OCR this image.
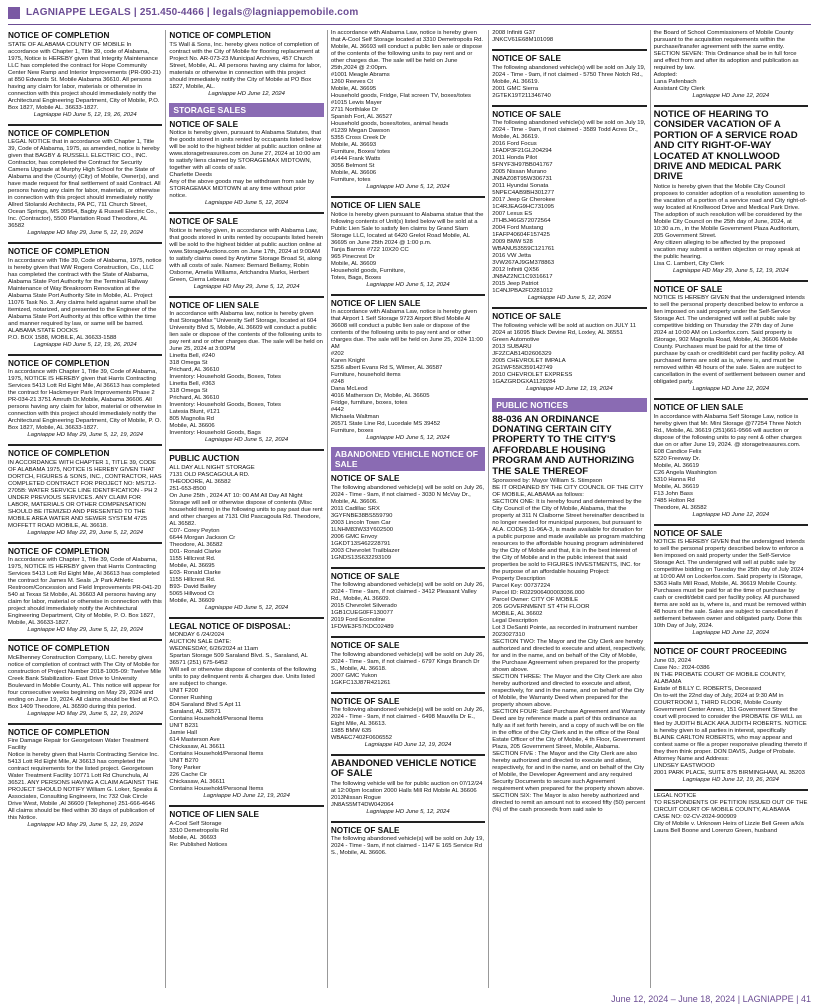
LAGNIAPPE LEGALS | 251.450-4466 | legals@lagniappemobile.com
NOTICE OF COMPLETION
STATE OF ALABAMA COUNTY OF MOBILE In accordance with Chapter 1, Title 39, code of Alabama, 1975, Notice is HEREBY given that Integrity Maintenance LLC has completed the contract for Hope Community Center New Ramp and Interior Improvements (PR-090-21) at 850 Edwards St. Mobile Alabama 36610. All persons having any claim for labor, materials or otherwise in connection with this project should immediately notify the Architectural Engineering Department, City of Mobile, P.O. Box 1827, Mobile AL. 36633-1827.
Lagniappe HD June 5, 12, 19, 26, 2024
NOTICE OF COMPLETION
LEGAL NOTICE that in accordance with Chapter 1, Title 39, Code of Alabama, 1975, as amended, notice is hereby given that BAGBY & RUSSELL ELECTRIC CO., INC. Contractor, has completed the Contract for Security Camera Upgrade at Murphy High School for the State of Alabama and the (County) (City) of Mobile, Owner(s), and have made request for final settlement of said Contract. All persons having any claim for labor, materials, or otherwise in connection with this project should immediately notify Allred Stolarski Architects, PA PC, 711 Church Street, Ocean Springs, MS 39564, Bagby & Russell Electric Co., Inc. (Contractor), 5500 Plantation Road Theodore, AL 36582
Lagniappe HD May 29, June 5, 12, 19, 2024
NOTICE OF COMPLETION
In accordance with Title 39, Code of Alabama, 1975, notice is hereby given that WW Rogers Construction, Co., LLC has completed the contract with the State of Alabama, Alabama State Port Authority for the Terminal Railway Maintenance of Way Breakroom Renovation at the Alabama State Port Authority Site in Mobile, AL. Project 11076 Task No. 3. Any claims held against same shall be itemized, notarized, and presented to the Engineer of the Alabama State Port Authority at this office within the time and manner required by law, or same will be barred.
ALABAMA STATE DOCKS
P.O. BOX 1588, MOBILE, AL 36633-1588
Lagniappe HD June 5, 12, 19, 26, 2024
NOTICE OF COMPLETION
In accordance with Chapter 1, Title 39, Code of Alabama, 1975, NOTICE IS HEREBY given that Harris Contracting Services 5413 Lott Rd Eight Mile, Al 36613 has completed the contract for Hackmeyer Park Improvements Phase 2 PR-034-21 3751 Amruth Dr.Mobile, Alabama 36606. All persons having any claim for labor, material or otherwise in connection with this project should immediately notify the Architectural Engineering Department, City of Mobile, P. O. Box 1827, Mobile, AL 36633-1827.
Lagniappe HD May 29, June 5, 12, 19, 2024
NOTICE OF COMPLETION
IN ACCORDANCE WITH CHAPTER 1, TITLE 39, CODE OF ALABAMA 1975, NOTICE IS HEREBY GIVEN THAT DORTCH, FIGURES & SONS, INC., CONTRACTOR, HAS COMPLETED CONTRACT FOR PROJECT NO: MS712-2705B: WATER SERVICE LINE IDENTIFICATION - PH 2 UNDER PREVIOUS SERVICES. ANY CLAIM FOR LABOR, MATERIALS OR OTHER COMPENSATION SHOULD BE ITEMIZED AND PRESENTED TO THE MOBILE AREA WATER AND SEWER SYSTEM 4725 MOFFETT ROAD MOBILE, AL 36618.
Lagniappe HD May 22, 29, June 5, 12, 2024
NOTICE OF COMPLETION
In accordance with Chapter 1, Title 39, Code of Alabama, 1975, NOTICE IS HEREBY given that Harris Contracting Services 5413 Lott Rd Eight Mile, Al 36613 has completed the contract for James M. Seals ,Jr Park Athletic Restroom/Concession and Field Improvements PR-041-20 540 at Texas St Mobile, AL 36603 All persons having any claim for labor, material or otherwise in connection with this project should immediately notify the Architectural Engineering Department, City of Mobile, P. O. Box 1827, Mobile, AL 36633-1827.
Lagniappe HD May 29, June 5, 12, 19, 2024
NOTICE OF COMPLETION
McElhenney Construction Company, LLC. hereby gives notice of completion of contract with The City of Mobile for construction of Project Number 2018-1005-09: Twelve Mile Creek Bank Stabilization- East Drive to University Boulevard in Mobile County, AL. This notice will appear for four consecutive weeks beginning on May 29, 2024 and ending on June 19, 2024. All claims should be filed at P.O. Box 1409 Theodore, AL 36590 during this period.
Lagniappe HD May 29, June 5, 12, 19, 2024
NOTICE OF COMPLETION
Fire Damage Repair for Georgetown Water Treatment Facility
Notice is hereby given that Harris Contracting Service Inc. 5413 Lott Rd Eight Mile, Al 36613 has completed the contract requirements for the listed project. Georgetown Water Treatment Facility 10771 Lott Rd Chunchula, Al 36521. ANY PERSONS HAVING A CLAIM AGAINST THE PROJECT SHOULD NOTIFY William G. Loker, Speaks & Associates, Consulting Engineers, Inc 732 Oak Circle Drive West, Mobile ,Al 36609 (Telephone) 251-666-4646 All claims should be filed within 30 days of publication of this Notice.
Lagniappe HD May 29, June 5, 12, 19, 2024
NOTICE OF COMPLETION
TS Wall & Sons, Inc. hereby gives notice of completion of contract with the City of Mobile for flooring replacement at Project No. AR-073-23 Municipal Archives, 457 Church Street, Mobile, AL. All persons having any claims for labor, materials or otherwise in connection with this project should immediately notify the City of Mobile at PO Box 1827, Mobile, AL.
Lagniappe HD June 12, 2024
STORAGE SALES
NOTICE OF SALE
Notice is hereby given, pursuant to Alabama Statutes, that the goods stored in units rented by occupants listed below will be sold to the highest bidder at public auction online at www.storagetreasures.com on June 27, 2024 at 10:00 am to satisfy liens claimed by STORAGEMAX MIDTOWN, together with all costs of sale.
Charlette Deeds
Any of the above goods may be withdrawn from sale by STORAGEMAX MIDTOWN at any time without prior notice.
Lagniappe HD June 5, 12, 2024
NOTICE OF SALE
Notice is hereby given, in accordance with Alabama Law, that goods stored in units rented by occupants listed herein will be sold to the highest bidder at public auction online at www.StorageAuctions.com on June 17th, 2024 at 9:00AM to satisfy claims owed by Anytime Storage Broad St, along with all costs of sale. Names: Bernard Bellamy, Robin Osborne, Amelia Williams, Artchandra Marks, Herbert Green, Cierra Lebeaux
Lagniappe HD May 29, June 5, 12, 2024
NOTICE OF LIEN SALE
In accordance with Alabama law, notice is hereby given that StorageMax "University Self Storage, located at 604 University Blvd S, Mobile, AL 36609 will conduct a public lien sale or dispose of the contents of the following units to pay rent and or other charges due. The sale will be held on June 25, 2024 at 3:00PM
Linetta Bell, #240
318 Omega St
Prichard, AL 36610
Inventory: Household Goods, Boxes, Totes
Linetta Bell, #363
318 Omega St
Prichard, AL 36610
Inventory: Household Goods, Boxes, Totes
Latesia Blunt, #121
805 Magnolia Rd
Mobile, AL 36606
Inventory: Household Goods, Bags
Lagniappe HD June 5, 12, 2024
PUBLIC AUCTION
ALL DAY ALL NIGHT STORAGE
7131 OLD PASCAGOULA RD.
THEODORE, AL 36582
251-653-8500
On June 25th , 2024 AT 10: 00 AM All Day All Night Storage will sell or otherwise dispose of contents (Misc household items) in the following units to pay past due rent and other charges at 7131 Old Pascagoula Rd. Theodore, AL 36582.
C07- Corey Peyton
6644 Morgan Jackson Cr
Theodore, AL 36582
D01- Ronald Clarke
1155 Hillcrest Rd.
Mobile, AL 36695
E03- Ronald Clarke
1155 Hillcrest Rd.
B93- David Bailey
5065 Hillwood Ct
Mobile, AL 36609
Lagniappe HD June 5, 12, 2024
LEGAL NOTICE OF DISPOSAL:
MONDAY 6 /24/2024
AUCTION SALE DATE:
WEDNESDAY, 6/26/2024 at 11am
Spartan Storage 509 Saraland Blvd. S., Saraland, AL 36571 (251) 675-6452
Will sell or otherwise dispose of contents of the following units to pay delinquent rents & charges due. Units listed are subject to change.
UNIT F200
Conner Rushing
804 Saraland Blvd S Apt 11
Saraland, AL 36571
Contains Household/Personal Items
UNIT B231
Jamie Hall
614 Masterson Ave
Chickasaw, AL 36611
Contains Household/Personal Items
UNIT B270
Tony Parker
226 Cache Cir
Chickasaw, AL 36611
Contains Household/Personal Items
Lagniappe HD June 12, 19, 2024
NOTICE OF LIEN SALE
A-Cool Self Storage
3310 Demetropolis Rd
Mobile, AL  36693
Re: Published Notices
In accordance with Alabama Law, notice is hereby given that A-Cool Self Storage located at 3310 Demetropolis Rd. Mobile, AL 36693 will conduct a public lien sale or dispose of the contents of the following units to pay rent and or other charges due. The sale will be held on June 25th,2024 @ 2:00pm.
#1001 Meagle Abrams
1260 Reeves Ct
Mobile, AL 36695
Household goods, Fridge, Flat screen TV, boxes/totes
#1015 Lewis Mayer
2711 Northlake Dr
Spanish Fort, AL 36527
Household goods, boxes/totes, animal heads
#1239 Megan Dawson
5355 Cross Creek Dr
Mobile, AL 36693
Furniture, Boxes/ totes
#1444 Frank Watts
3056 Belmont St
Mobile, AL 36606
Furniture, totes
Lagniappe HD June 5, 12, 2024
NOTICE OF LIEN SALE
Notice is hereby given pursuant to Alabama statue that the following contents of Unit(s) listed below will be sold at a Public Lien Sale to satisfy lien claims by Grand Slam Storage LLC, located at 6420 Grelot Road Mobile, AL 36695 on June 25th 2024 @ 1:00 p.m.
Tanja Barrois #722 10X20 CC
965 Pinecrest Dr
Mobile, AL 36609
Household goods, Furniture,
Totes, Bags, Boxes
Lagniappe HD June 5, 12, 2024
NOTICE OF LIEN SALE
In accordance with Alabama Law, notice is hereby given that Airport 1 Self Storage 9723 Airport Blvd Mobile Al 36608 will conduct a public lien sale or dispose of the contents of the following units to pay rent and or other charges due. The sale will be held on June 25, 2024 11:00 AM
#202
Karen Knight
5256 albert Evans Rd S, Wilmer, AL 36587
Furniture, household items
#248
Dana McLeod
4016 Matherson Dr, Mobile, AL 36605
Fridge, furniture, boxes, totes
#442
Michaela Waltman
26571 State Line Rd, Lucedale MS 39452
Furniture, boxes
Lagniappe HD June 5, 12, 2024
ABANDONED VEHICLE NOTICE OF SALE
NOTICE OF SALE
The following abandoned vehicle(s) will be sold on July 26, 2024 - Time - 9am, if not claimed - 3030 N McVay Dr., Mobile, AL 36606.
2011 Cadillac SRX
3GYFNBE38BS559790
2003 Lincoln Town Car
1LNHM83W33Y602500
2006 GMC Envoy
1GKDT13S462228791
2003 Chevrolet Trailblazer
1GNDS13S632293109
NOTICE OF SALE
The following abandoned vehicle(s) will be sold on July 26, 2024 - Time - 9am, if not claimed - 3412 Pleasant Valley Rd., Mobile, AL 36609.
2015 Chevrolet Silverado
1GB1CUEG0FF130077
2019 Ford Econoline
1FDWE3F57KDC02489
NOTICE OF SALE
The following abandoned vehicle(s) will be sold on July 26, 2024 - Time - 9am, if not claimed - 6797 Kings Branch Dr S., Mobile, AL 36618.
2007 GMC Yukon
1GKFC13J87R421261
NOTICE OF SALE
The following abandoned vehicle(s) will be sold on July 26, 2024 - Time - 9am, if not claimed - 6498 Mauvilla Dr E., Eight Mile, AL 36613.
1985 BMW 635
WBAEC7402F0606552
Lagniappe HD June 12, 19, 2024
ABANDONED VEHICLE NOTICE OF SALE
The following vehicle will be for public auction on 07/12/24 at 12:00pm location 2000 Halls Mill Rd Mobile AL 36606
2013Nissan Rogue
JN8AS5MT4DW042064
Lagniappe HD June 5, 12, 2024
NOTICE OF SALE
The following abandoned vehicle(s) will be sold on July 19, 2024 - Time - 9am, if not claimed - 1147 E 165 Service Rd S., Mobile, AL 36606.
2008 Infiniti G37
JNKCV61E68M101098
NOTICE OF SALE
The following abandoned vehicle(s) will be sold on July 19, 2024 - Time - 9am, if not claimed - 5750 Three Notch Rd., Mobile, AL 36619.
2001 GMC Sierra
2GTEK19T211346740
NOTICE OF SALE
The following abandoned vehicle(s) will be sold on July 19, 2024 - Time - 9am, if not claimed - 3589 Todd Acres Dr., Mobile, AL 36619.
2016 Ford Focus
1FADP3F21GL204294
2011 Honda Pilot
5FNYF3H97BB041767
2005 Nissan Murano
JN8AZ08T95W306731
2011 Hyundai Sonata
5NPEC4AB9BH301277
2017 Jeep Gr Cherokee
1C4RJEAG9HC731095
2007 Lexus ES
JTHBJ46G572072564
2004 Ford Mustang
1FAFP40604F157425
2009 BMW 528
WBANU53559C121761
2016 VW Jetta
3VW267AJ9GM378863
2012 Infiniti QX56
JN8AZ2NC1C9316617
2015 Jeep Patriot
1C4NJPBA2FD281012
Lagniappe HD June 5, 12, 2024
NOTICE OF SALE
The following vehicle will be sold at auction on JULY 11 2024 at 16095 Black Devine Rd, Loxley, AL 36551
Green Automotive
2013 SUBARU
JF2ZCAB14D2606329
2005 CHEVROLET IMPALA
2G1WF55K359142749
2010 CHEVROLET EXPRESS
1GAZGRDGXA1129284
Lagniappe HD June 12, 19, 2024
PUBLIC NOTICES
88-036 AN ORDINANCE DONATING CERTAIN CITY PROPERTY TO THE CITY'S AFFORDABLE HOUSING PROGRAM AND AUTHORIZING THE SALE THEREOF
Sponsored by: Mayor William S. Stimpson
BE IT ORDAINED BY THE CITY COUNCIL OF THE CITY OF MOBILE, ALABAMA as follows:
SECTION ONE: It is hereby found and determined by the City Council of the City of Mobile, Alabama, that the property at 311 N Claiborne Street hereinafter described is no longer needed for municipal purposes, but pursuant to ALA. CODE§ 11-96A-3, is made available for donation for a public purpose and made available as program matching resources to the affordable housing program administered by the City of Mobile and that, it is in the best interest of the City of Mobile and in the public interest that said properties be sold to FIGURES INVESTMENTS, INC. for the purpose of an affordable housing Project:
Property Description
Parcel Key: 00737224
Parcel ID: R022906400003036.000
Parcel Owner: CITY OF MOBILE
205 GOVERNMENT ST 4TH FLOOR
MOBILE, AL 36602
Legal Description
Lot 3 DeSanti Pointe, as recorded in instrument number 2023027310
SECTION TWO: The Mayor and the City Clerk are hereby authorized and directed to execute and attest, respectively, for and in the name, and on behalf of the City of Mobile, the Purchase Agreement when prepared for the property shown above.
SECTION THREE: The Mayor and the City Clerk are also hereby authorized and directed to execute and attest, respectively, for and in the name, and on behalf of the City of Mobile, the Warranty Deed when prepared for the property shown above.
SECTION FOUR: Said Purchase Agreement and Warranty Deed are by reference made a part of this ordinance as fully as if set forth herein, and a copy of such will be on file in the office of the City Clerk and in the office of the Real Estate Officer of the City of Mobile, 4 th Floor, Government Plaza, 205 Government Street, Mobile, Alabama.
SECTION FIVE : The Mayor and the City Clerk are also hereby authorized and directed to execute and attest, respectively, for and in the name, and on behalf of the City of Mobile, the Developer Agreement and any required Security Documents to secure such Agreement requirement when prepared for the property shown above.
SECTION SIX: The Mayor is also hereby authorized and directed to remit an amount not to exceed fifty (50) percent (%) of the cash proceeds from said sale to
the Board of School Commissioners of Mobile County pursuant to the acquisition requirements within the purchase/transfer agreement with the same entity.
SECTION SEVEN: This Ordinance shall be in full force and effect from and after its adoption and publication as required by law.
Adopted:
Lana Pafenbach
Assistant City Clerk
Lagniappe HD June 12, 2024
NOTICE OF HEARING TO CONSIDER VACATION OF A PORTION OF A SERVICE ROAD AND CITY RIGHT-OF-WAY LOCATED AT KNOLLWOOD DRIVE AND MEDICAL PARK DRIVE
Notice is hereby given that the Mobile City Council proposes to consider adoption of a resolution assenting to the vacation of a portion of a service road and City right-of-way located at Knollwood Drive and Medical Park Drive.
The adoption of such resolution will be considered by the Mobile City Council on the 25th day of June, 2024, at 10:30 a.m., in the Mobile Government Plaza Auditorium, 205 Government Street.
Any citizen alleging to be affected by the proposed vacation may submit a written objection or may speak at the public hearing.
Lisa C. Lambert, City Clerk
Lagniappe HD May 29, June 5, 12, 19, 2024
NOTICE OF SALE
NOTICE IS HEREBY GIVEN that the undersigned intends to sell the personal property described below to enforce a lien imposed on said property under the Self-Service Storage Act. The undersigned will sell at public sale by competitive bidding on Thursday the 27th day of June 2024 at 10:00 AM on Lockerfox.com. Said property is iStorage, 902 Magnolia Road, Mobile, AL 36606 Mobile County. Purchases must be paid for at the time of purchase by cash or credit/debit card per facility policy. All purchased items are sold as is, where is, and must be removed within 48 hours of the sale. Sales are subject to cancellation in the event of settlement between owner and obligated party.
Lagniappe HD June 12, 2024
NOTICE OF LIEN SALE
In accordance with Alabama Self Storage Law, notice is hereby given that Mr. Mini Storage @77254 Three Notch Rd., Mobile, AL 36619 (251)661-9566 will auction or dispose of the following units to pay rent & other charges due on or after June 19, 2024. @ storagetreasures.com.
E08 Candice Felix
5220 Freeway Dr.
Mobile, AL 36619
C26 Angela Washington
5310 Hanna Rd
Mobile, AL 36619
F13 John Bass
7485 Holton Rd
Theodore, AL 36582
Lagniappe HD June 12, 2024
NOTICE OF SALE
NOTICE IS HEREBY GIVEN that the undersigned intends to sell the personal property described below to enforce a lien imposed on said property under the Self-Service Storage Act. The undersigned will sell at public sale by competitive bidding on Tuesday the 25th day of July 2024 at 10:00 AM on Lockerfox.com. Said property is iStorage, 5363 Halls Mill Road, Mobile, AL 36619 Mobile County. Purchases must be paid for at the time of purchase by cash or credit/debit card per facility policy. All purchased items are sold as is, where is, and must be removed within 48 hours of the sale. Sales are subject to cancellation if settlement between owner and obligated party. Done this 10th Day of July, 2024.
Lagniappe HD June 12, 2024
NOTICE OF COURT PROCEEDING
June 03, 2024
Case No.: 2024-0386
IN THE PROBATE COURT OF MOBILE COUNTY, ALABAMA
Estate of BILLY C. ROBERTS, Deceased
On to-wit the 22nd day of July, 2024 at 9:30 AM in COURTROOM 1, THIRD FLOOR, Mobile County Government Center Annex, 151 Government Street the court will proceed to consider the PROBATE OF WILL as filed by JUDITH BLACK AKA JUDITH ROBERTS. NOTICE is hereby given to all parties in interest, specifically BLAINE CARLTON ROBERTS, who may appear and contest same or file a proper responsive pleading thereto if they then think proper. DON DAVIS, Judge of Probate.
Attorney Name and Address:
LINDSEY EASTWOOD
2001 PARK PLACE, SUITE 875 BIRMINGHAM, AL 35203
Lagniappe HD June 12, 19, 26, 2024
LEGAL NOTICE
TO RESPONDENTS OF PETITION ISSUED OUT OF THE CIRCUIT COURT OF MOBILE COUNTY, ALABAMA
CASE NO: 02-CV-2024-900909
City of Mobile v. Unknown Heirs of Lizzie Bell Green a/k/a Laura Bell Boone and Lorenzo Green, husband
June 12, 2024 – June 18, 2024 | LAGNIAPPE | 41
